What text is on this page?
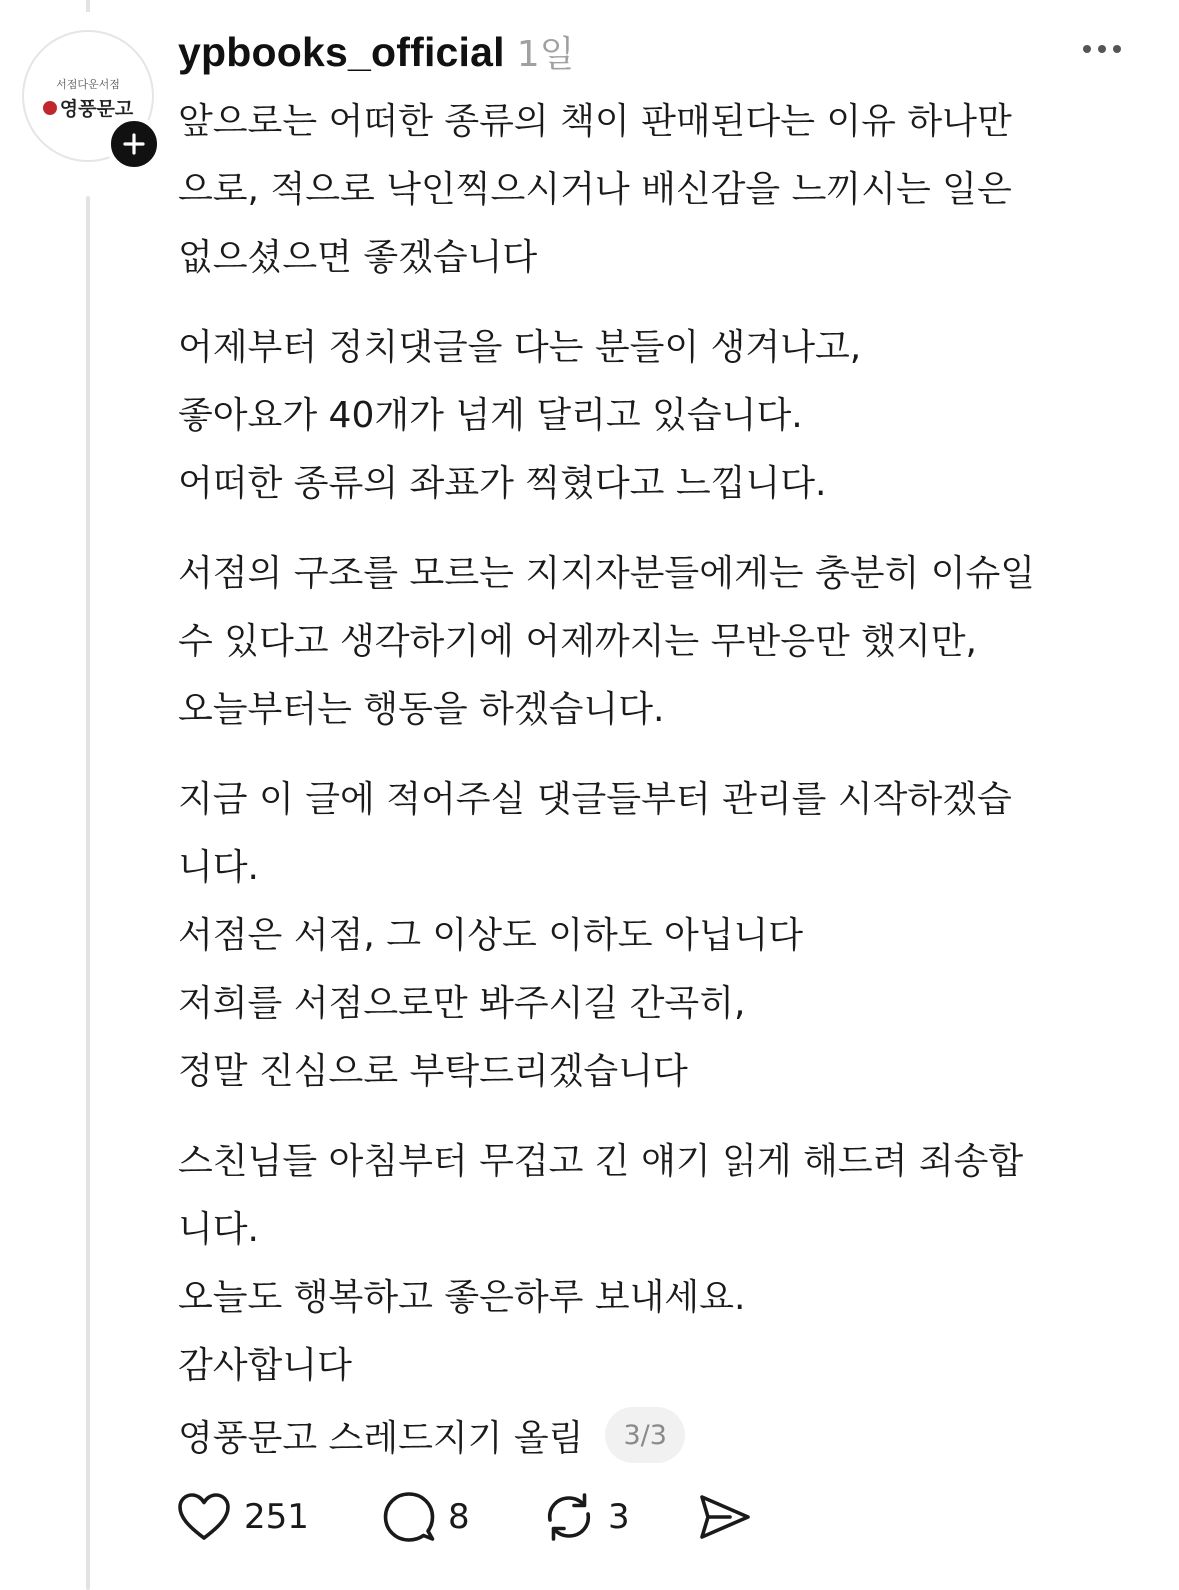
서점다운서점
영풍문고
ypbooks_official 1일
앞으로는 어떠한 종류의 책이 판매된다는 이유 하나만
으로, 적으로 낙인찍으시거나 배신감을 느끼시는 일은
없으셨으면 좋겠습니다
어제부터 정치댓글을 다는 분들이 생겨나고,
좋아요가 40개가 넘게 달리고 있습니다.
어떠한 종류의 좌표가 찍혔다고 느낍니다.
서점의 구조를 모르는 지지자분들에게는 충분히 이슈일
수 있다고 생각하기에 어제까지는 무반응만 했지만,
오늘부터는 행동을 하겠습니다.
지금 이 글에 적어주실 댓글들부터 관리를 시작하겠습
니다.
서점은 서점, 그 이상도 이하도 아닙니다
저희를 서점으로만 봐주시길 간곡히,
정말 진심으로 부탁드리겠습니다
스친님들 아침부터 무겁고 긴 얘기 읽게 해드려 죄송합
니다.
오늘도 행복하고 좋은하루 보내세요.
감사합니다
영풍문고 스레드지기 올림	3/3
251	8	3
